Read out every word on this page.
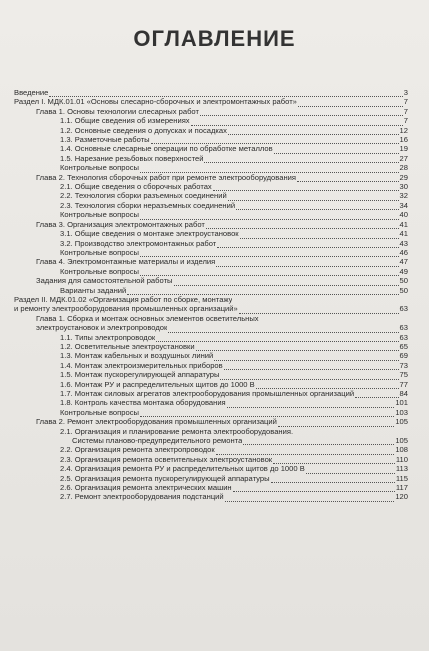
ОГЛАВЛЕНИЕ
Введение	3
Раздел I. МДК.01.01 «Основы слесарно-сборочных и электромонтажных работ»	7
Глава 1. Основы технологии слесарных работ	7
1.1. Общие сведения об измерениях	7
1.2. Основные сведения о допусках и посадках	12
1.3. Разметочные работы	16
1.4. Основные слесарные операции по обработке металлов	19
1.5. Нарезание резьбовых поверхностей	27
Контрольные вопросы	28
Глава 2. Технология сборочных работ при ремонте электрооборудования	29
2.1. Общие сведения о сборочных работах	30
2.2. Технология сборки разъемных соединений	32
2.3. Технология сборки неразъемных соединений	34
Контрольные вопросы	40
Глава 3. Организация электромонтажных работ	41
3.1. Общие сведения о монтаже электроустановок	41
3.2. Производство электромонтажных работ	43
Контрольные вопросы	46
Глава 4. Электромонтажные материалы и изделия	47
Контрольные вопросы	49
Задания для самостоятельной работы	50
Варианты заданий	50
Раздел II. МДК.01.02 «Организация работ по сборке, монтажу
и ремонту электрооборудования промышленных организаций»	63
Глава 1. Сборка и монтаж основных элементов осветительных
электроустановок и электропроводок	63
1.1. Типы электропроводок	63
1.2. Осветительные электроустановки	65
1.3. Монтаж кабельных и воздушных линий	69
1.4. Монтаж электроизмерительных приборов	73
1.5. Монтаж пускорегулирующей аппаратуры	75
1.6. Монтаж РУ и распределительных щитов до 1000 В	77
1.7. Монтаж силовых агрегатов электрооборудования промышленных организаций	84
1.8. Контроль качества монтажа оборудования	101
Контрольные вопросы	103
Глава 2. Ремонт электрооборудования промышленных организаций	105
2.1. Организация и планирование ремонта электрооборудования.
Системы планово-предупредительного ремонта	105
2.2. Организация ремонта электропроводок	108
2.3. Организация ремонта осветительных электроустановок	110
2.4. Организация ремонта РУ и распределительных щитов до 1000 В	113
2.5. Организация ремонта пускорегулирующей аппаратуры	115
2.6. Организация ремонта электрических машин	117
2.7. Ремонт электрооборудования подстанций	120
